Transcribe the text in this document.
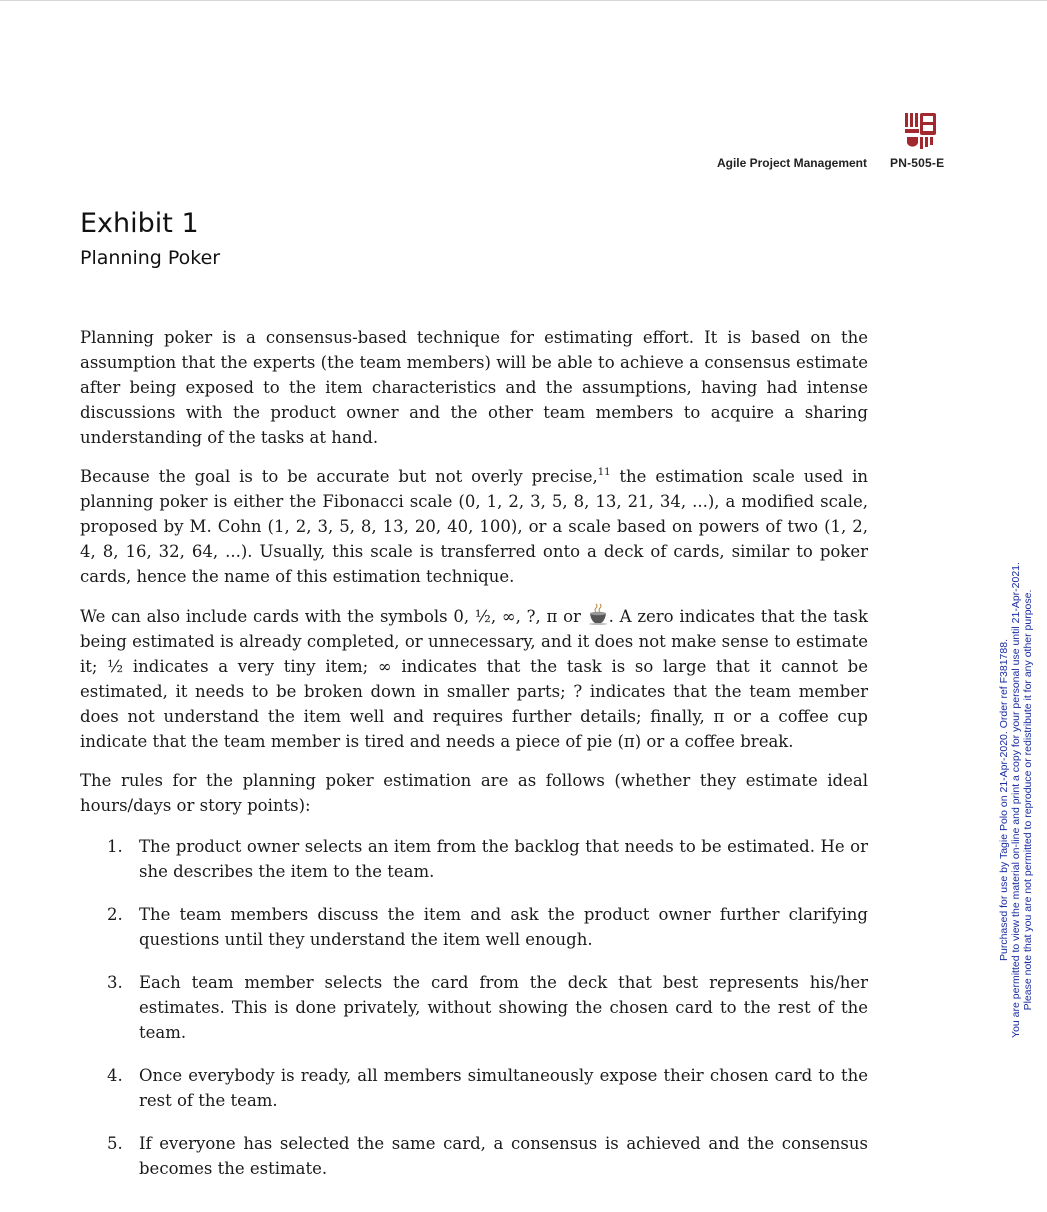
Agile Project Management PN-505-E
Exhibit 1
Planning Poker

Planning poker is a consensus-based technique for estimating effort. It is based on the assumption that the experts (the team members) will be able to achieve a consensus estimate after being exposed to the item characteristics and the assumptions, having had intense discussions with the product owner and the other team members to acquire a sharing understanding of the tasks at hand.

Because the goal is to be accurate but not overly precise,$^{11}$ the estimation scale used in planning poker is either the Fibonacci scale (0, 1, 2, 3, 5, 8, 13, 21, 34, ...), a modified scale, proposed by M. Cohn (1, 2, 3, 5, 8, 13, 20, 40, 100), or a scale based on powers of two (1, 2, 4, 8, 16, 32, 64, ...). Usually, this scale is transferred onto a deck of cards, similar to poker cards, hence the name of this estimation technique.

We can also include cards with the symbols 0, ½, ∞, ?, π or . A zero indicates that the task being estimated is already completed, or unnecessary, and it does not make sense to estimate it; ½ indicates a very tiny item; ∞ indicates that the task is so large that it cannot be estimated, it needs to be broken down in smaller parts; ? indicates that the team member does not understand the item well and requires further details; finally, π or a coffee cup indicate that the team member is tired and needs a piece of pie (π) or a coffee break.

The rules for the planning poker estimation are as follows (whether they estimate ideal hours/days or story points):

1. The product owner selects an item from the backlog that needs to be estimated. He or she describes the item to the team.
2. The team members discuss the item and ask the product owner further clarifying questions until they understand the item well enough.
3. Each team member selects the card from the deck that best represents his/her estimates. This is done privately, without showing the chosen card to the rest of the team.
4. Once everybody is ready, all members simultaneously expose their chosen card to the rest of the team.
5. If everyone has selected the same card, a consensus is achieved and the consensus becomes the estimate.
Purchased for use by Tagie Polo on 21-Apr-2020. Order ref F381788. You are permitted to view the material on-line and print a copy for your personal use until 21-Apr-2021. Please note that you are not permitted to reproduce or redistribute it for any other purpose.
